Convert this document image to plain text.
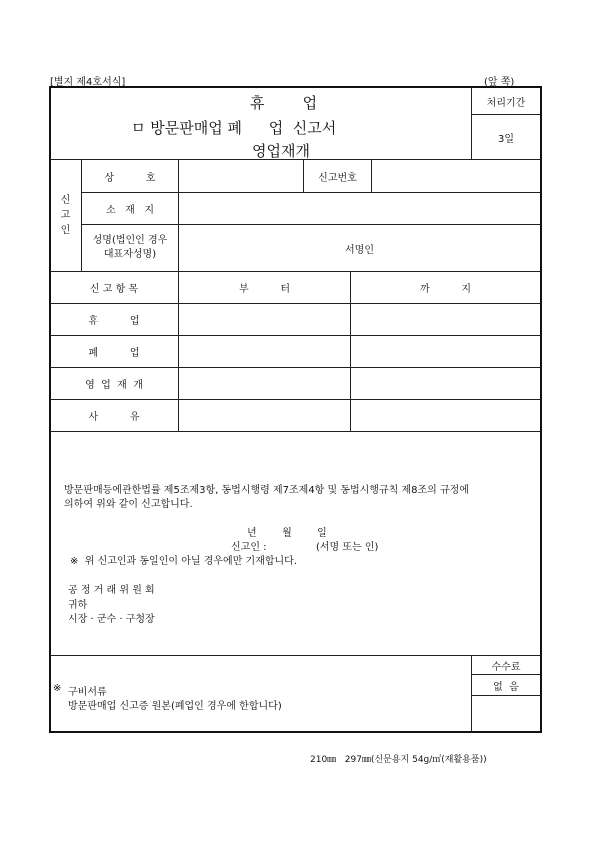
[별지 제4호서식]	(앞 쪽)
휴        업
ㅁ 방문판매업 폐 업  신고서
영업재개
처리기간
3일
신
고
인
상          호	신고번호
소   재   지
성명(법인인 경우
대표자성명)	서명인
신 고 항 목	부          터	까          지
휴          업
폐          업
영  업  재  개
사          유
방문판매등에관한법률 제5조제3항, 동법시행령 제7조제4항 및 동법시행규칙 제8조의 규정에
의하여 위와 같이 신고합니다.
년        월        일
신고인 :	(서명 또는 인)
※  위 신고인과 동일인이 아닐 경우에만 기재합니다.
공 정 거 래 위 원 회
귀하
시장 · 군수 · 구청장
※ 구비서류
방문판매업 신고증 원본(폐업인 경우에 한합니다)
수수료
없  음
210㎜   297㎜(신문용지 54g/㎡(재활용품))
